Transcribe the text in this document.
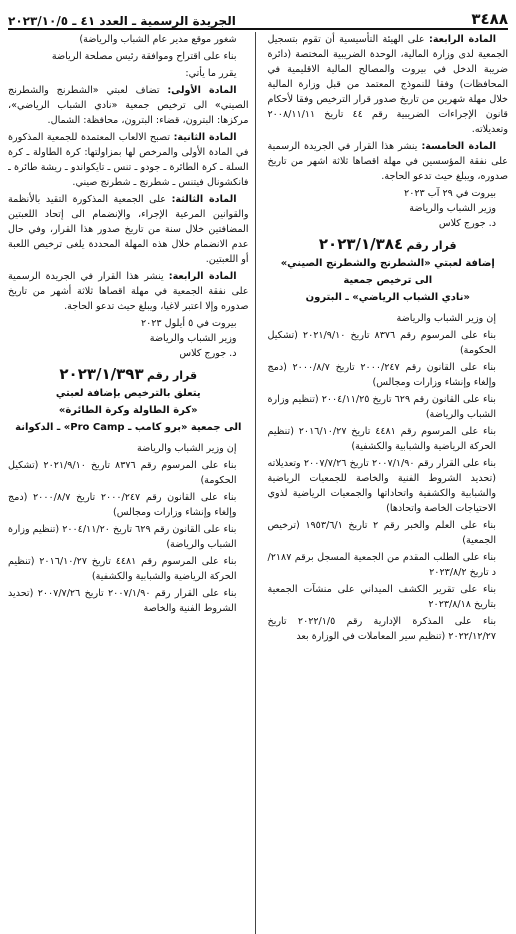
٣٤٨٨
الجريدة الرسمية ـ العدد ٤١ ـ ٢٠٢٣/١٠/٥

المادة الرابعة: على الهيئة التأسيسية أن تقوم بتسجيل الجمعية لدى وزارة المالية، الوحدة الضريبية المختصة (دائرة ضريبة الدخل في بيروت والمصالح المالية الاقليمية في المحافظات) وفقا للنموذج المعتمد من قبل وزارة المالية خلال مهلة شهرين من تاريخ صدور قرار الترخيص وفقا لأحكام قانون الإجراءات الضريبية رقم ٤٤ تاريخ ٢٠٠٨/١١/١١ وتعديلاته.

المادة الخامسة: ينشر هذا القرار في الجريدة الرسمية على نفقة المؤسسين في مهلة اقصاها ثلاثة اشهر من تاريخ صدوره، ويبلغ حيث تدعو الحاجة.

بيروت في ٢٩ آب ٢٠٢٣

وزير الشباب والرياضة

د. جورج كلاس

قرار رقم ٢٠٢٣/١/٣٨٤

إضافة لعبتي «الشطرنج والشطرنج الصيني»

الى ترخيص جمعية

«نادي الشباب الرياضي» ـ البترون

إن وزير الشباب والرياضة

بناء على المرسوم رقم ٨٣٧٦ تاريخ ٢٠٢١/٩/١٠ (تشكيل الحكومة)

بناء على القانون رقم ٢٠٠٠/٢٤٧ تاريخ ٢٠٠٠/٨/٧ (دمج وإلغاء وإنشاء وزارات ومجالس)

بناء على القانون رقم ٦٢٩ تاريخ ٢٠٠٤/١١/٢٥ (تنظيم وزارة الشباب والرياضة)

بناء على المرسوم رقم ٤٤٨١ تاريخ ٢٠١٦/١٠/٢٧ (تنظيم الحركة الرياضية والشبابية والكشفية)

بناء على القرار رقم ٢٠٠٧/١/٩٠ تاريخ ٢٠٠٧/٧/٢٦ وتعديلاته (تحديد الشروط الفنية والخاصة للجمعيات الرياضية والشبابية والكشفية واتحاداتها والجمعيات الرياضية لذوي الاحتياجات الخاصة واتحادها)

بناء على العلم والخبر رقم ٢ تاريخ ١٩٥٣/٦/١ (ترخيص الجمعية)

بناء على الطلب المقدم من الجمعية المسجل برقم ٢١٨٧/د تاريخ ٢٠٢٣/٨/٢

بناء على تقرير الكشف الميداني على منشآت الجمعية بتاريخ ٢٠٢٣/٨/١٨

بناء على المذكرة الإدارية رقم ٢٠٢٢/١/٥ تاريخ ٢٠٢٢/١٢/٢٧ (تنظيم سير المعاملات في الوزارة بعد

شغور موقع مدير عام الشباب والرياضة)

بناء على اقتراح وموافقة رئيس مصلحة الرياضة

يقرر ما يأتي:

المادة الأولى: تضاف لعبتي «الشطرنج والشطرنج الصيني» الى ترخيص جمعية «نادي الشباب الرياضي»، مركزها: البترون، قضاء: البترون، محافظة: الشمال.

المادة الثانية: تصبح الالعاب المعتمدة للجمعية المذكورة في المادة الأولى والمرخص لها بمزاولتها: كرة الطاولة ـ كرة السلة ـ كرة الطائرة ـ جودو ـ تنس ـ تايكواندو ـ ريشة طائرة ـ فانكشونال فيتنس ـ شطرنج ـ شطرنج صيني.

المادة الثالثة: على الجمعية المذكورة التقيد بالأنظمة والقوانين المرعية الإجراء، والإنضمام الى إتحاد اللعبتين المضافتين خلال سنة من تاريخ صدور هذا القرار، وفي حال عدم الانضمام خلال هذه المهلة المحددة يلغى ترخيص اللعبة أو اللعبتين.

المادة الرابعة: ينشر هذا القرار في الجريدة الرسمية على نفقة الجمعية في مهلة اقصاها ثلاثة أشهر من تاريخ صدوره وإلا اعتبر لاغيا، ويبلغ حيث تدعو الحاجة.

بيروت في ٥ أيلول ٢٠٢٣

وزير الشباب والرياضة

د. جورج كلاس

قرار رقم ٢٠٢٣/١/٣٩٣

يتعلق بالترخيص بإضافة لعبتي

«كرة الطاولة وكرة الطائرة»

الى جمعية «برو كامب ـ Pro Camp» ـ الدكوانة

إن وزير الشباب والرياضة

بناء على المرسوم رقم ٨٣٧٦ تاريخ ٢٠٢١/٩/١٠ (تشكيل الحكومة)

بناء على القانون رقم ٢٠٠٠/٢٤٧ تاريخ ٢٠٠٠/٨/٧ (دمج وإلغاء وإنشاء وزارات ومجالس)

بناء على القانون رقم ٦٢٩ تاريخ ٢٠٠٤/١١/٢٠ (تنظيم وزارة الشباب والرياضة)

بناء على المرسوم رقم ٤٤٨١ تاريخ ٢٠١٦/١٠/٢٧ (تنظيم الحركة الرياضية والشبابية والكشفية)

بناء على القرار رقم ٢٠٠٧/١/٩٠ تاريخ ٢٠٠٧/٧/٢٦ (تحديد الشروط الفنية والخاصة
